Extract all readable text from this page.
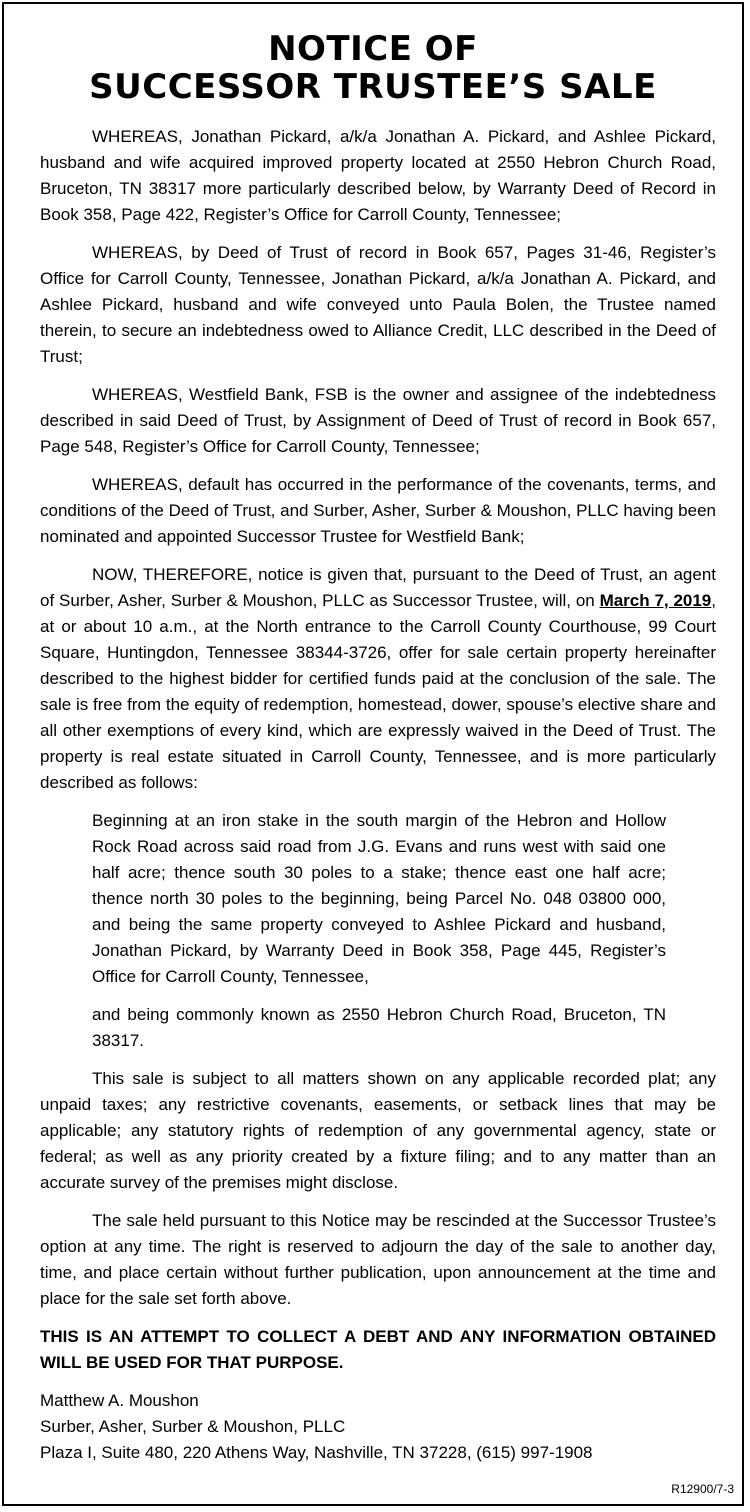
NOTICE OF
SUCCESSOR TRUSTEE’S SALE

WHEREAS, Jonathan Pickard, a/k/a Jonathan A. Pickard, and Ashlee Pickard, husband and wife acquired improved property located at 2550 Hebron Church Road, Bruceton, TN 38317 more particularly described below, by Warranty Deed of Record in Book 358, Page 422, Register’s Office for Carroll County, Tennessee;

WHEREAS, by Deed of Trust of record in Book 657, Pages 31-46, Register’s Office for Carroll County, Tennessee, Jonathan Pickard, a/k/a Jonathan A. Pickard, and Ashlee Pickard, husband and wife conveyed unto Paula Bolen, the Trustee named therein, to secure an indebtedness owed to Alliance Credit, LLC described in the Deed of Trust;

WHEREAS, Westfield Bank, FSB is the owner and assignee of the indebtedness described in said Deed of Trust, by Assignment of Deed of Trust of record in Book 657, Page 548, Register’s Office for Carroll County, Tennessee;

WHEREAS, default has occurred in the performance of the covenants, terms, and conditions of the Deed of Trust, and Surber, Asher, Surber & Moushon, PLLC having been nominated and appointed Successor Trustee for Westfield Bank;

NOW, THEREFORE, notice is given that, pursuant to the Deed of Trust, an agent of Surber, Asher, Surber & Moushon, PLLC as Successor Trustee, will, on March 7, 2019, at or about 10 a.m., at the North entrance to the Carroll County Courthouse, 99 Court Square, Huntingdon, Tennessee 38344-3726, offer for sale certain property hereinafter described to the highest bidder for certified funds paid at the conclusion of the sale. The sale is free from the equity of redemption, homestead, dower, spouse’s elective share and all other exemptions of every kind, which are expressly waived in the Deed of Trust. The property is real estate situated in Carroll County, Tennessee, and is more particularly described as follows:

Beginning at an iron stake in the south margin of the Hebron and Hollow Rock Road across said road from J.G. Evans and runs west with said one half acre; thence south 30 poles to a stake; thence east one half acre; thence north 30 poles to the beginning, being Parcel No. 048 03800 000, and being the same property conveyed to Ashlee Pickard and husband, Jonathan Pickard, by Warranty Deed in Book 358, Page 445, Register’s Office for Carroll County, Tennessee,

and being commonly known as 2550 Hebron Church Road, Bruceton, TN 38317.

This sale is subject to all matters shown on any applicable recorded plat; any unpaid taxes; any restrictive covenants, easements, or setback lines that may be applicable; any statutory rights of redemption of any governmental agency, state or federal; as well as any priority created by a fixture filing; and to any matter than an accurate survey of the premises might disclose.

The sale held pursuant to this Notice may be rescinded at the Successor Trustee’s option at any time. The right is reserved to adjourn the day of the sale to another day, time, and place certain without further publication, upon announcement at the time and place for the sale set forth above.

THIS IS AN ATTEMPT TO COLLECT A DEBT AND ANY INFORMATION OBTAINED WILL BE USED FOR THAT PURPOSE.

Matthew A. Moushon
Surber, Asher, Surber & Moushon, PLLC
Plaza I, Suite 480, 220 Athens Way, Nashville, TN 37228, (615) 997-1908
R12900/7-3
